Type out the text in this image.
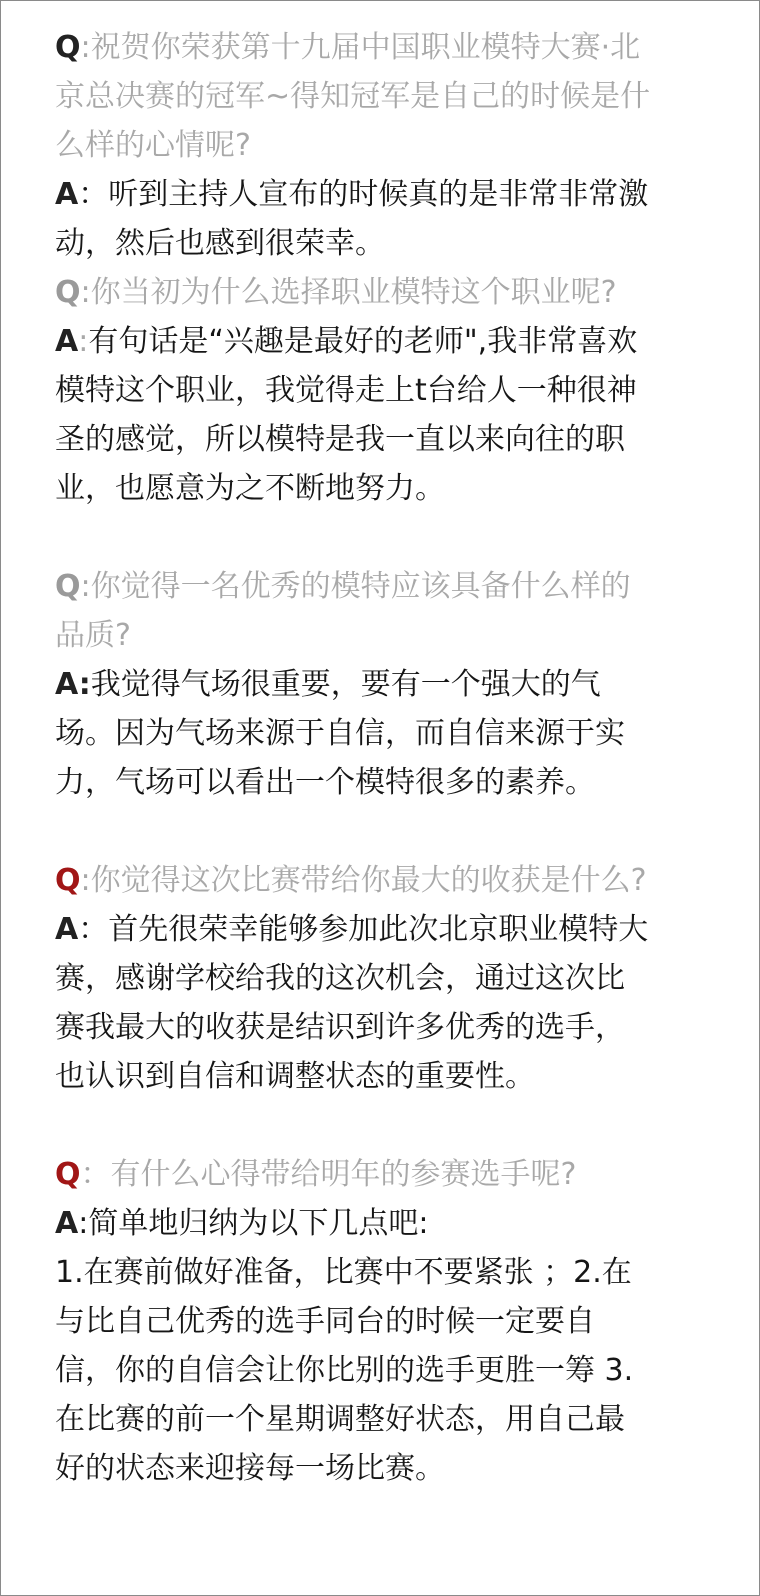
Q:祝贺你荣获第十九届中国职业模特大赛·北
京总决赛的冠军~得知冠军是自己的时候是什
么样的心情呢?
A：听到主持人宣布的时候真的是非常非常激
动，然后也感到很荣幸。
Q:你当初为什么选择职业模特这个职业呢?
A:有句话是“兴趣是最好的老师",我非常喜欢
模特这个职业，我觉得走上t台给人一种很神
圣的感觉，所以模特是我一直以来向往的职
业，也愿意为之不断地努力。
Q:你觉得一名优秀的模特应该具备什么样的
品质?
A:我觉得气场很重要，要有一个强大的气
场。因为气场来源于自信，而自信来源于实
力，气场可以看出一个模特很多的素养。
Q:你觉得这次比赛带给你最大的收获是什么?
A：首先很荣幸能够参加此次北京职业模特大
赛，感谢学校给我的这次机会，通过这次比
赛我最大的收获是结识到许多优秀的选手，
也认识到自信和调整状态的重要性。
Q：有什么心得带给明年的参赛选手呢?
A:简单地归纳为以下几点吧:
1.在赛前做好准备，比赛中不要紧张 ；2.在
与比自己优秀的选手同台的时候一定要自
信，你的自信会让你比别的选手更胜一筹 3.
在比赛的前一个星期调整好状态，用自己最
好的状态来迎接每一场比赛。
